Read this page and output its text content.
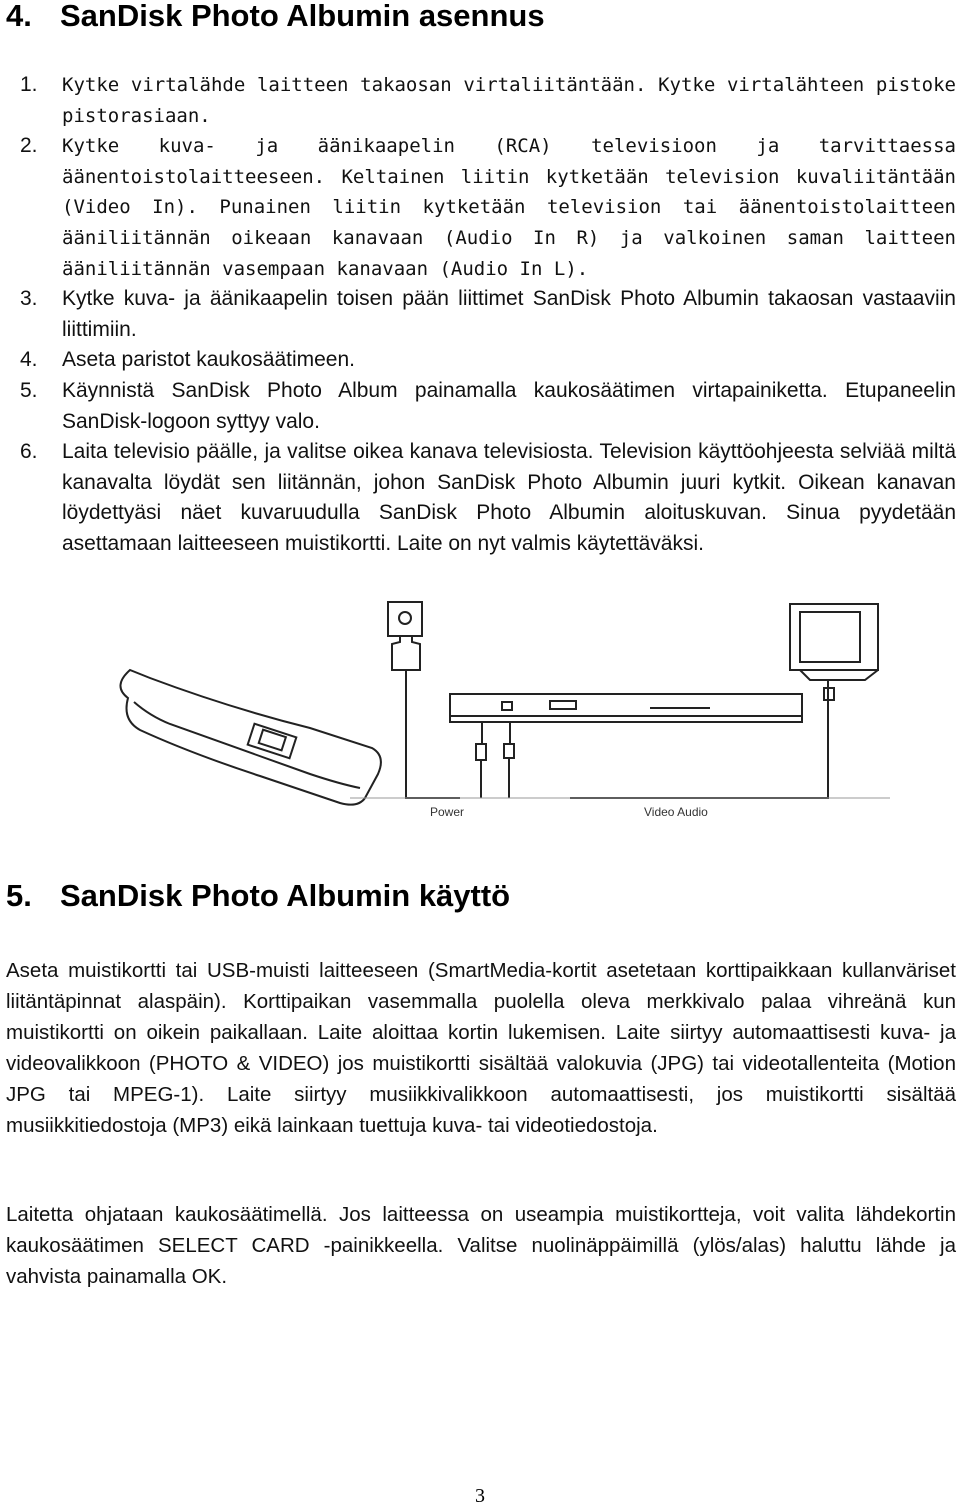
4. SanDisk Photo Albumin asennus
1. Kytke virtalähde laitteen takaosan virtaliitäntään. Kytke virtalähteen pistoke pistorasiaan.
2. Kytke kuva- ja äänikaapelin (RCA) televisioon ja tarvittaessa äänentoistolaitteeseen. Keltainen liitin kytketään television kuvaliitäntään (Video In). Punainen liitin kytketään television tai äänentoistolaitteen ääniliitännän oikeaan kanavaan (Audio In R) ja valkoinen saman laitteen ääniliitännän vasempaan kanavaan (Audio In L).
3. Kytke kuva- ja äänikaapelin toisen pään liittimet SanDisk Photo Albumin takaosan vastaaviin liittimiin.
4. Aseta paristot kaukosäätimeen.
5. Käynnistä SanDisk Photo Album painamalla kaukosäätimen virtapainiketta. Etupaneelin SanDisk-logoon syttyy valo.
6. Laita televisio päälle, ja valitse oikea kanava televisiosta. Television käyttöohjeesta selviää miltä kanavalta löydät sen liitännän, johon SanDisk Photo Albumin juuri kytkit. Oikean kanavan löydettyäsi näet kuvaruudulla SanDisk Photo Albumin aloituskuvan. Sinua pyydetään asettamaan laitteeseen muistikortti. Laite on nyt valmis käytettäväksi.
Power	Video Audio
5. SanDisk Photo Albumin käyttö

Aseta muistikortti tai USB-muisti laitteeseen (SmartMedia-kortit asetetaan korttipaikkaan kullanväriset liitäntäpinnat alaspäin). Korttipaikan vasemmalla puolella oleva merkkivalo palaa vihreänä kun muistikortti on oikein paikallaan. Laite aloittaa kortin lukemisen. Laite siirtyy automaattisesti kuva- ja videovalikkoon (PHOTO & VIDEO) jos muistikortti sisältää valokuvia (JPG) tai videotallenteita (Motion JPG tai MPEG-1). Laite siirtyy musiikkivalikkoon automaattisesti, jos muistikortti sisältää musiikkitiedostoja (MP3) eikä lainkaan tuettuja kuva- tai videotiedostoja.

Laitetta ohjataan kaukosäätimellä. Jos laitteessa on useampia muistikortteja, voit valita lähdekortin kaukosäätimen SELECT CARD -painikkeella. Valitse nuolinäppäimillä (ylös/alas) haluttu lähde ja vahvista painamalla OK.

3
